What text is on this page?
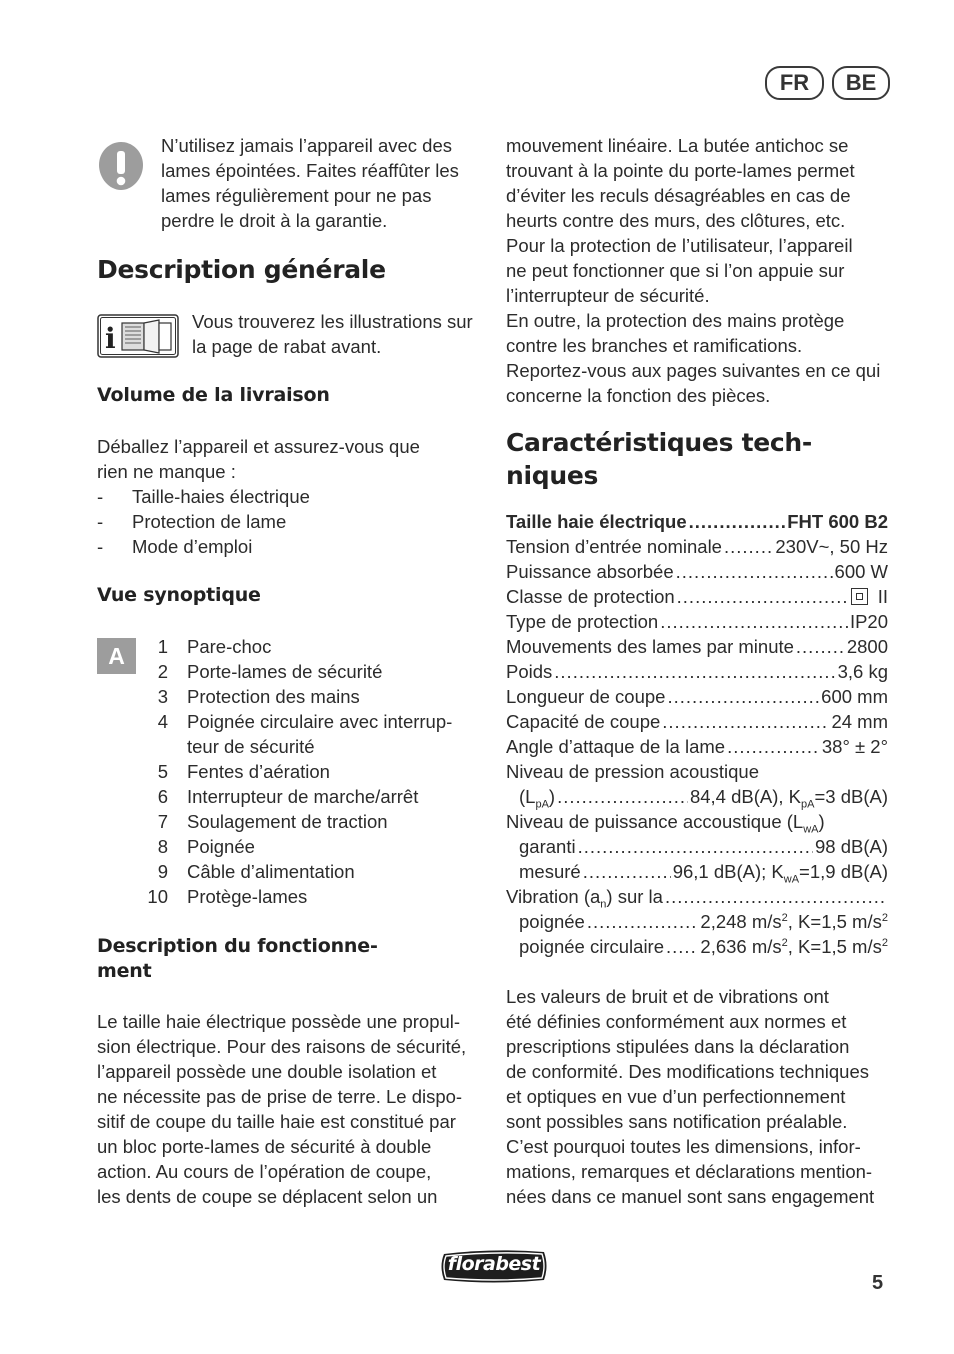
FR	BE
N’utilisez jamais l’appareil avec des
lames épointées. Faites réaffûter les
lames régulièrement pour ne pas
perdre le droit à la garantie.
Description générale
i
Vous trouverez les illustrations sur
la page de rabat avant.
Volume de la livraison
Déballez l’appareil et assurez-vous que
rien ne manque :
- Taille-haies électrique
- Protection de lame
- Mode d’emploi
Vue synoptique
A	1 Pare-choc
2 Porte-lames de sécurité
3 Protection des mains
4 Poignée circulaire avec interrup-
teur de sécurité
5 Fentes d’aération
6 Interrupteur de marche/arrêt
7 Soulagement de traction
8 Poignée
9 Câble d’alimentation
10 Protège-lames
Description du fonctionne-
ment
Le taille haie électrique possède une propul-
sion électrique. Pour des raisons de sécurité,
l’appareil possède une double isolation et
ne nécessite pas de prise de terre. Le dispo-
sitif de coupe du taille haie est constitué par
un bloc porte-lames de sécurité à double
action. Au cours de l’opération de coupe,
les dents de coupe se déplacent selon un
mouvement linéaire. La butée antichoc se
trouvant à la pointe du porte-lames permet
d’éviter les reculs désagréables en cas de
heurts contre des murs, des clôtures, etc.
Pour la protection de l’utilisateur, l’appareil
ne peut fonctionner que si l’on appuie sur
l’interrupteur de sécurité.
En outre, la protection des mains protège
contre les branches et ramifications.
Reportez-vous aux pages suivantes en ce qui
concerne la fonction des pièces.
Caractéristiques tech-
niques
Taille haie électrique .....	FHT 600 B2
Tension d’entrée nominale .....	230V~, 50 Hz
Puissance absorbée .....	600 W
Classe de protection .....	II
Type de protection .....	IP20
Mouvements des lames par minute .....	2800
Poids .....	3,6 kg
Longueur de coupe .....	600 mm
Capacité de coupe .....	24 mm
Angle d’attaque de la lame .....	38° ± 2°
Niveau de pression acoustique
$(L_{pA})$ .....	84,4 dB(A), $K_{pA}=3$ dB(A)
Niveau de puissance accoustique $(L_{wA})$
garanti .....	98 dB(A)
mesuré .....	96,1 dB(A); $K_{wA}=1,9$ dB(A)
Vibration $(a_n)$ sur la
.....
poignée .....	2,248 $m/s^2$, K=1,5 $m/s^2$
poignée circulaire ..... 2,636 $m/s^2$, K=1,5 $m/s^2$
Les valeurs de bruit et de vibrations ont
été définies conformément aux normes et
prescriptions stipulées dans la déclaration
de conformité. Des modifications techniques
et optiques en vue d’un perfectionnement
sont possibles sans notification préalable.
C’est pourquoi toutes les dimensions, infor-
mations, remarques et déclarations mention-
nées dans ce manuel sont sans engagement
florabest
5
